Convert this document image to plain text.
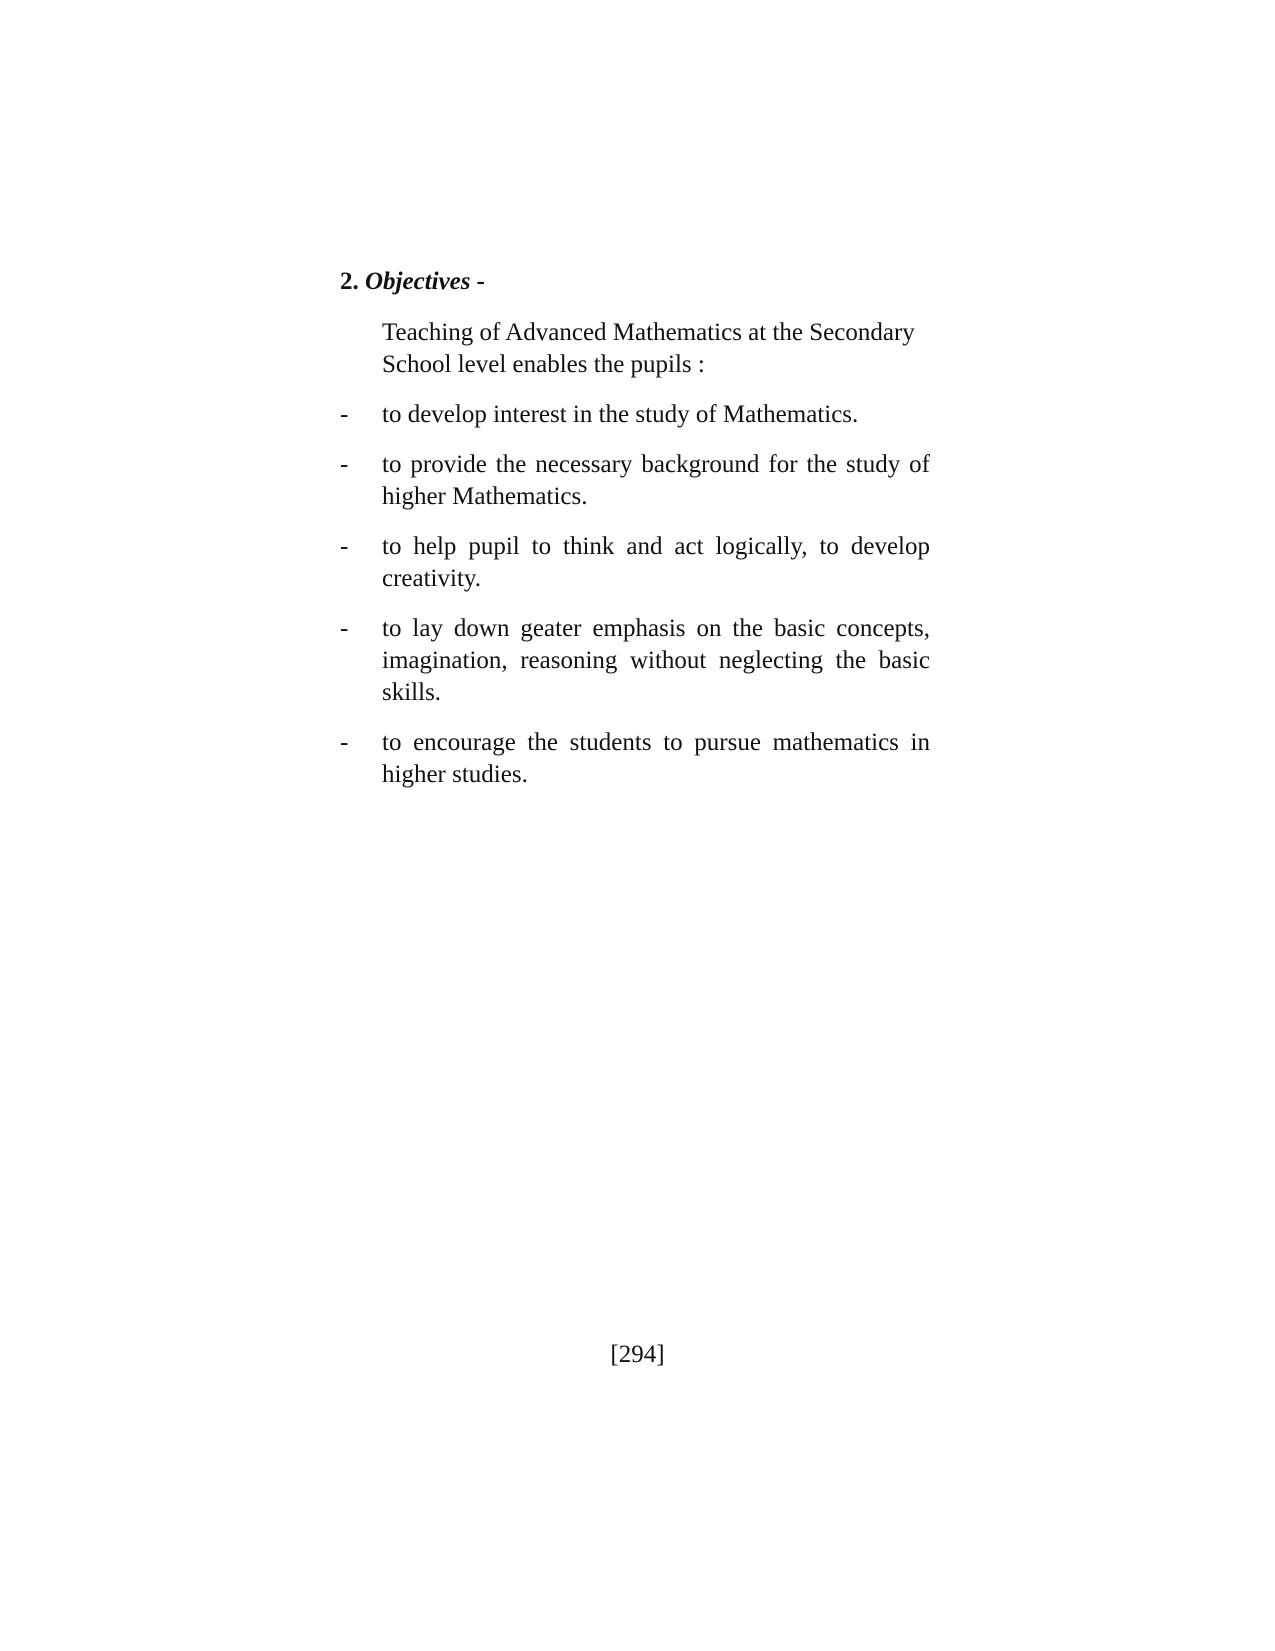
2. Objectives -

Teaching of Advanced Mathematics at the Secondary School level enables the pupils :

-	to develop interest in the study of Mathematics.
-	to provide the necessary background for the study of higher Mathematics.
-	to help pupil to think and act logically, to develop creativity.
-	to lay down geater emphasis on the basic concepts, imagination, reasoning without neglecting the basic skills.
-	to encourage the students to pursue mathematics in higher studies.
[294]
